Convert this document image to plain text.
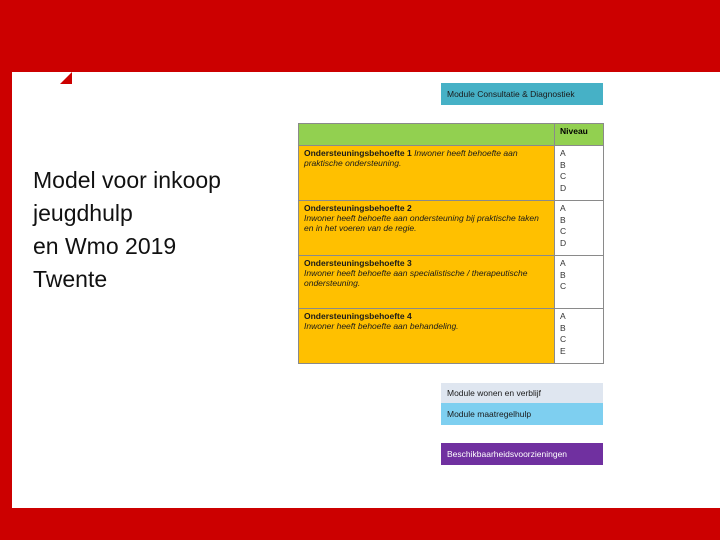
Model voor inkoop
jeugdhulp
en Wmo 2019
Twente
Module Consultatie & Diagnostiek
	Niveau
Ondersteuningsbehoefte 1 Inwoner heeft behoefte aan praktische ondersteuning.	A
B
C
D
Ondersteuningsbehoefte 2
Inwoner heeft behoefte aan ondersteuning bij praktische taken en in het voeren van de regie.	A
B
C
D
Ondersteuningsbehoefte 3
Inwoner heeft behoefte aan specialistische / therapeutische ondersteuning.	A
B
C
Ondersteuningsbehoefte 4
Inwoner heeft behoefte aan behandeling.	A
B
C
E
Module wonen en verblijf
Module maatregelhulp
Beschikbaarheidsvoorzieningen
